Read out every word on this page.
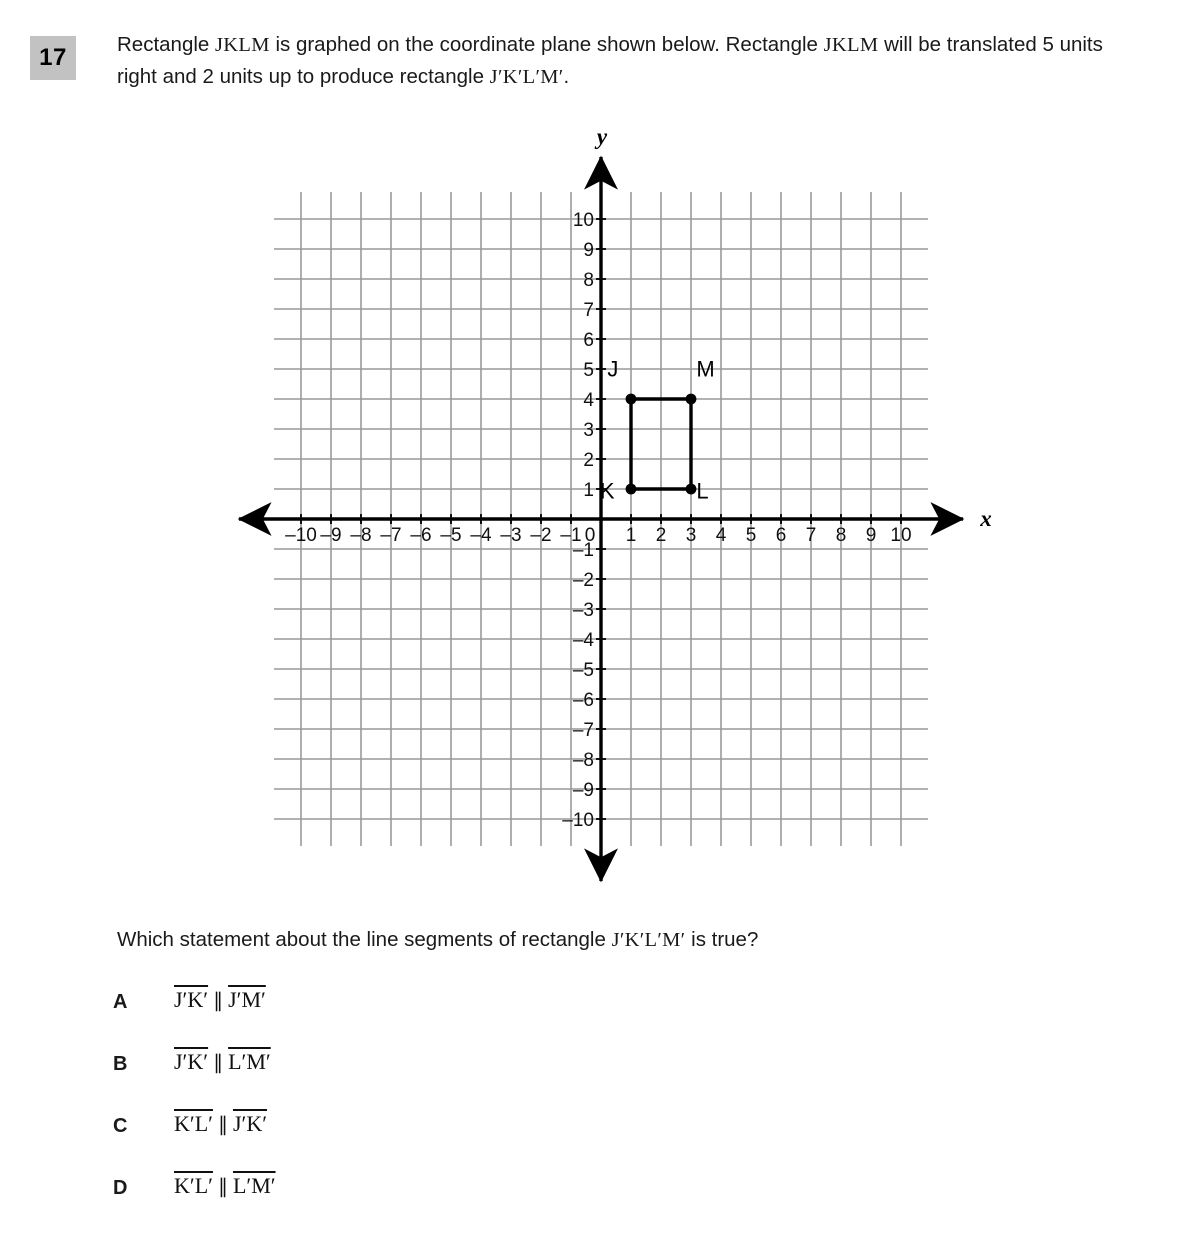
17 Rectangle JKLM is graphed on the coordinate plane shown below. Rectangle JKLM will be translated 5 units right and 2 units up to produce rectangle J′K′L′M′.
–10 –9 –8 –7 –6 –5 –4 –3 –2 –1 0 1 2 3 4 5 6 7 8 9 10
10
9
8
7
6
5
4
3
2
1
–1
–2
–3
–4
–5
–6
–7
–8
–9
–10
x
y
J	M
L
K
Which statement about the line segments of rectangle J′K′L′M′ is true?
A	J′K′ ∥ J′M′
B	J′K′ ∥ L′M′
C	K′L′ ∥ J′K′
D	K′L′ ∥ L′M′
